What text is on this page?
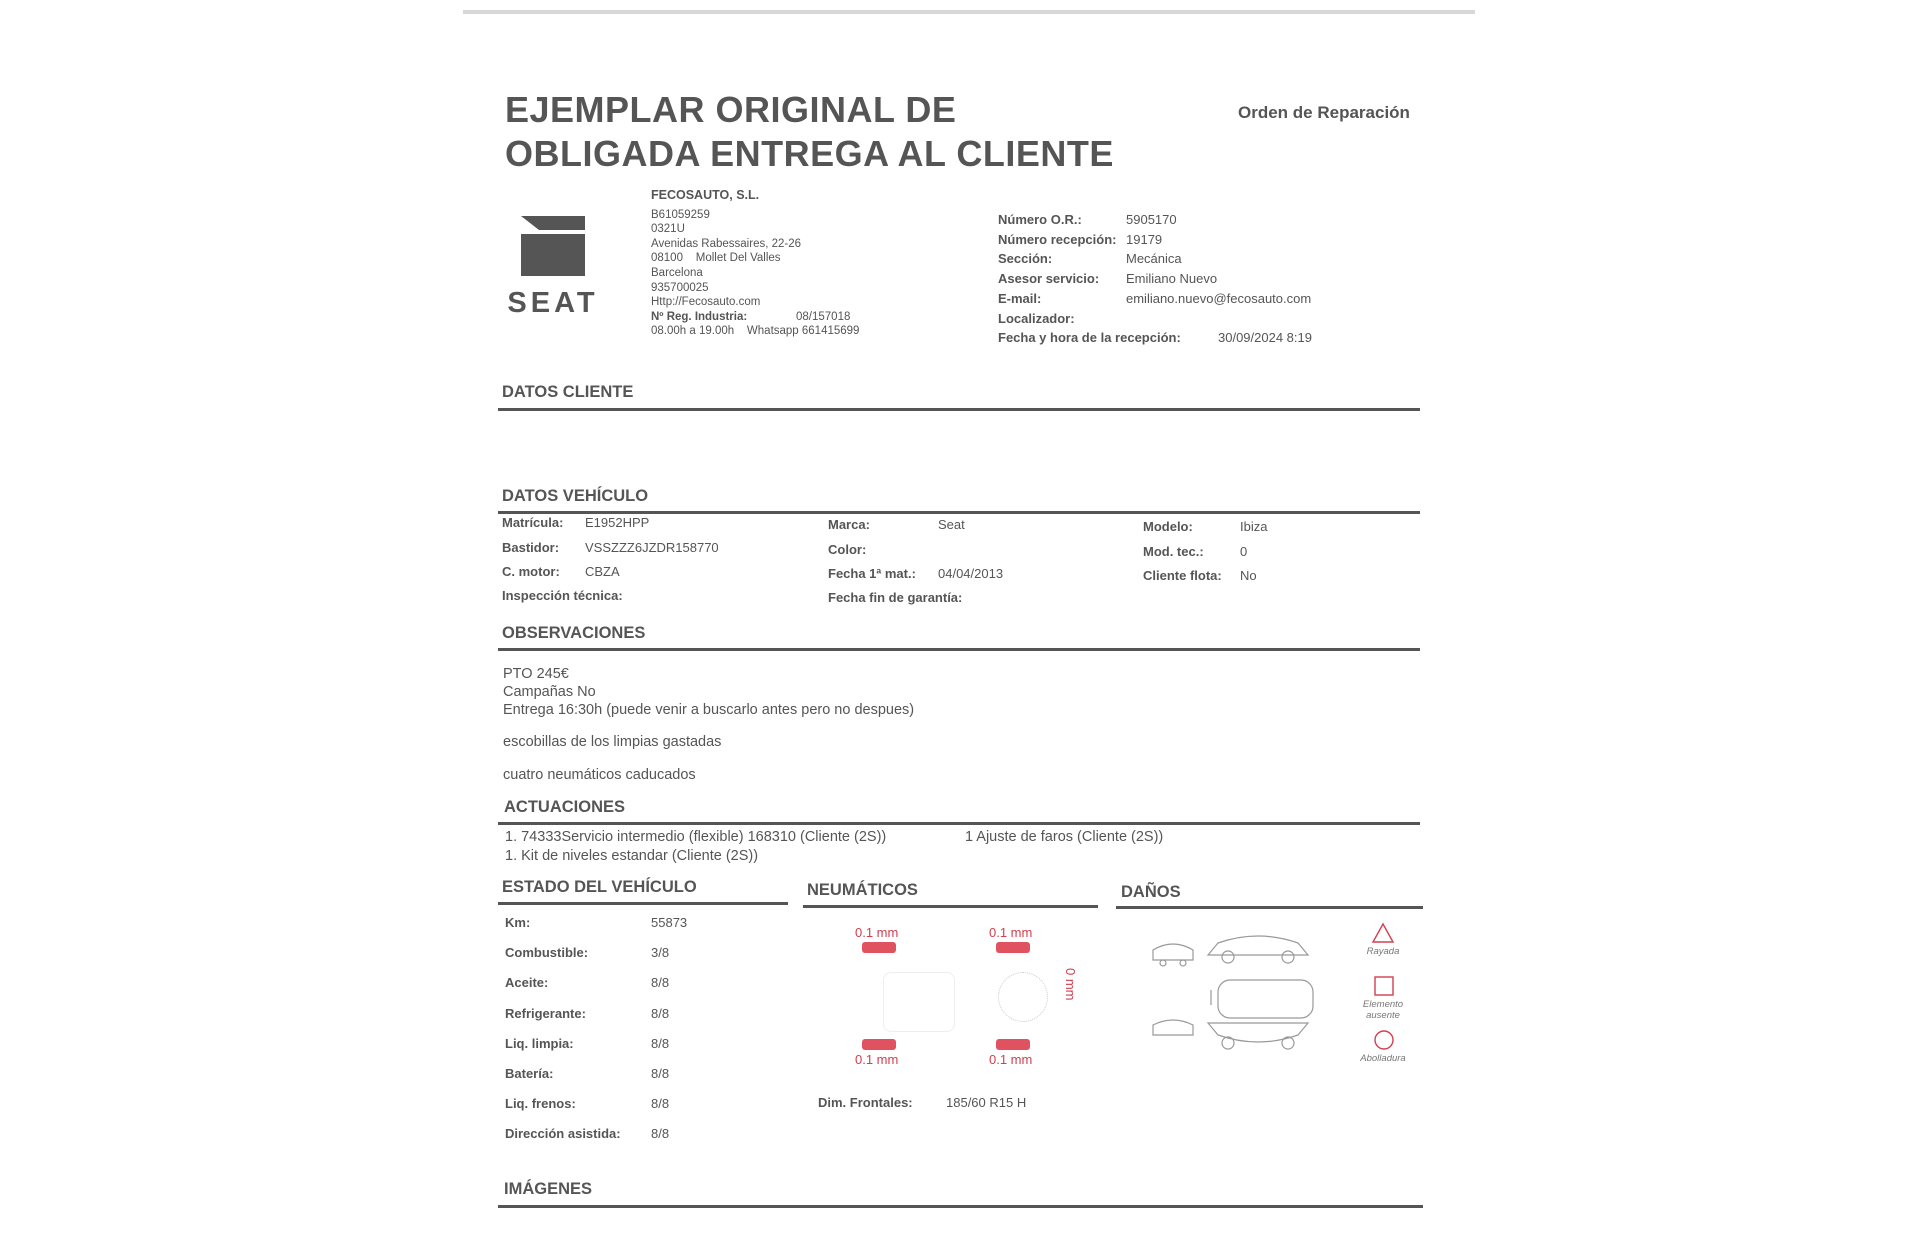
EJEMPLAR ORIGINAL DE
OBLIGADA ENTREGA AL CLIENTE
Orden de Reparación
SEAT
FECOSAUTO, S.L.
B61059259
0321U
Avenidas Rabessaires, 22-26
08100 Mollet Del Valles
Barcelona
935700025
Http://Fecosauto.com
Nº Reg. Industria:	08/157018
08.00h a 19.00h Whatsapp 661415699
Número O.R.:	5905170
Número recepción: 19179
Sección:	Mecánica
Asesor servicio:	Emiliano Nuevo
E-mail:	emiliano.nuevo@fecosauto.com
Localizador:
Fecha y hora de la recepción:	30/09/2024 8:19
DATOS CLIENTE
DATOS VEHÍCULO
Matrícula: E1952HPP
Bastidor: VSSZZZ6JZDR158770
C. motor: CBZA
Inspección técnica:
Marca:	Seat
Color:
Fecha 1ª mat.: 04/04/2013
Fecha fin de garantía:
Modelo:	Ibiza
Mod. tec.:	0
Cliente flota: No
OBSERVACIONES
PTO 245€
Campañas No
Entrega 16:30h (puede venir a buscarlo antes pero no despues)
escobillas de los limpias gastadas
cuatro neumáticos caducados
ACTUACIONES
1. 74333Servicio intermedio (flexible) 168310 (Cliente (2S))	1 Ajuste de faros (Cliente (2S))
1. Kit de niveles estandar (Cliente (2S))
ESTADO DEL VEHÍCULO
Km:	55873
Combustible:	3/8
Aceite:	8/8
Refrigerante:	8/8
Liq. limpia:	8/8
Batería:	8/8
Liq. frenos:	8/8
Dirección asistida:	8/8
NEUMÁTICOS
0.1 mm	0.1 mm
0 mm
0.1 mm	0.1 mm
Dim. Frontales:	185/60 R15 H
DAÑOS
Rayada
Elemento
ausente
Abolladura
IMÁGENES
